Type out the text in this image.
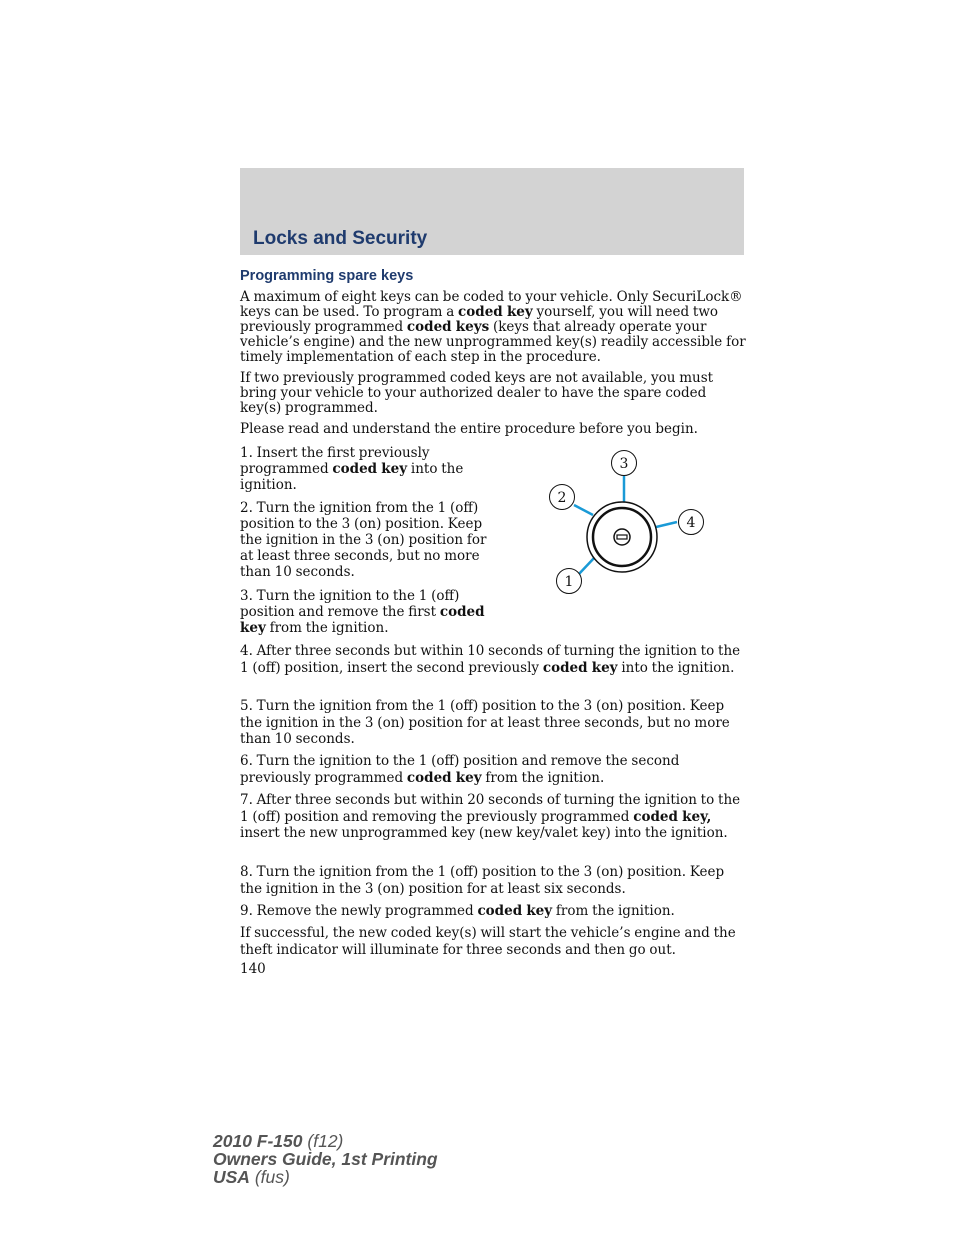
Locks and Security
Programming spare keys

A maximum of eight keys can be coded to your vehicle. Only SecuriLock® keys can be used. To program a coded key yourself, you will need two previously programmed coded keys (keys that already operate your vehicle’s engine) and the new unprogrammed key(s) readily accessible for timely implementation of each step in the procedure.

If two previously programmed coded keys are not available, you must bring your vehicle to your authorized dealer to have the spare coded key(s) programmed.

Please read and understand the entire procedure before you begin.

1. Insert the first previously programmed coded key into the ignition.

2. Turn the ignition from the 1 (off) position to the 3 (on) position. Keep the ignition in the 3 (on) position for at least three seconds, but no more than 10 seconds.

3. Turn the ignition to the 1 (off) position and remove the first coded key from the ignition.

3
2
4
1

4. After three seconds but within 10 seconds of turning the ignition to the 1 (off) position, insert the second previously coded key into the ignition.

5. Turn the ignition from the 1 (off) position to the 3 (on) position. Keep the ignition in the 3 (on) position for at least three seconds, but no more than 10 seconds.

6. Turn the ignition to the 1 (off) position and remove the second previously programmed coded key from the ignition.

7. After three seconds but within 20 seconds of turning the ignition to the 1 (off) position and removing the previously programmed coded key, insert the new unprogrammed key (new key/valet key) into the ignition.

8. Turn the ignition from the 1 (off) position to the 3 (on) position. Keep the ignition in the 3 (on) position for at least six seconds.

9. Remove the newly programmed coded key from the ignition.

If successful, the new coded key(s) will start the vehicle’s engine and the theft indicator will illuminate for three seconds and then go out.

140
2010 F-150 (f12)
Owners Guide, 1st Printing
USA (fus)
